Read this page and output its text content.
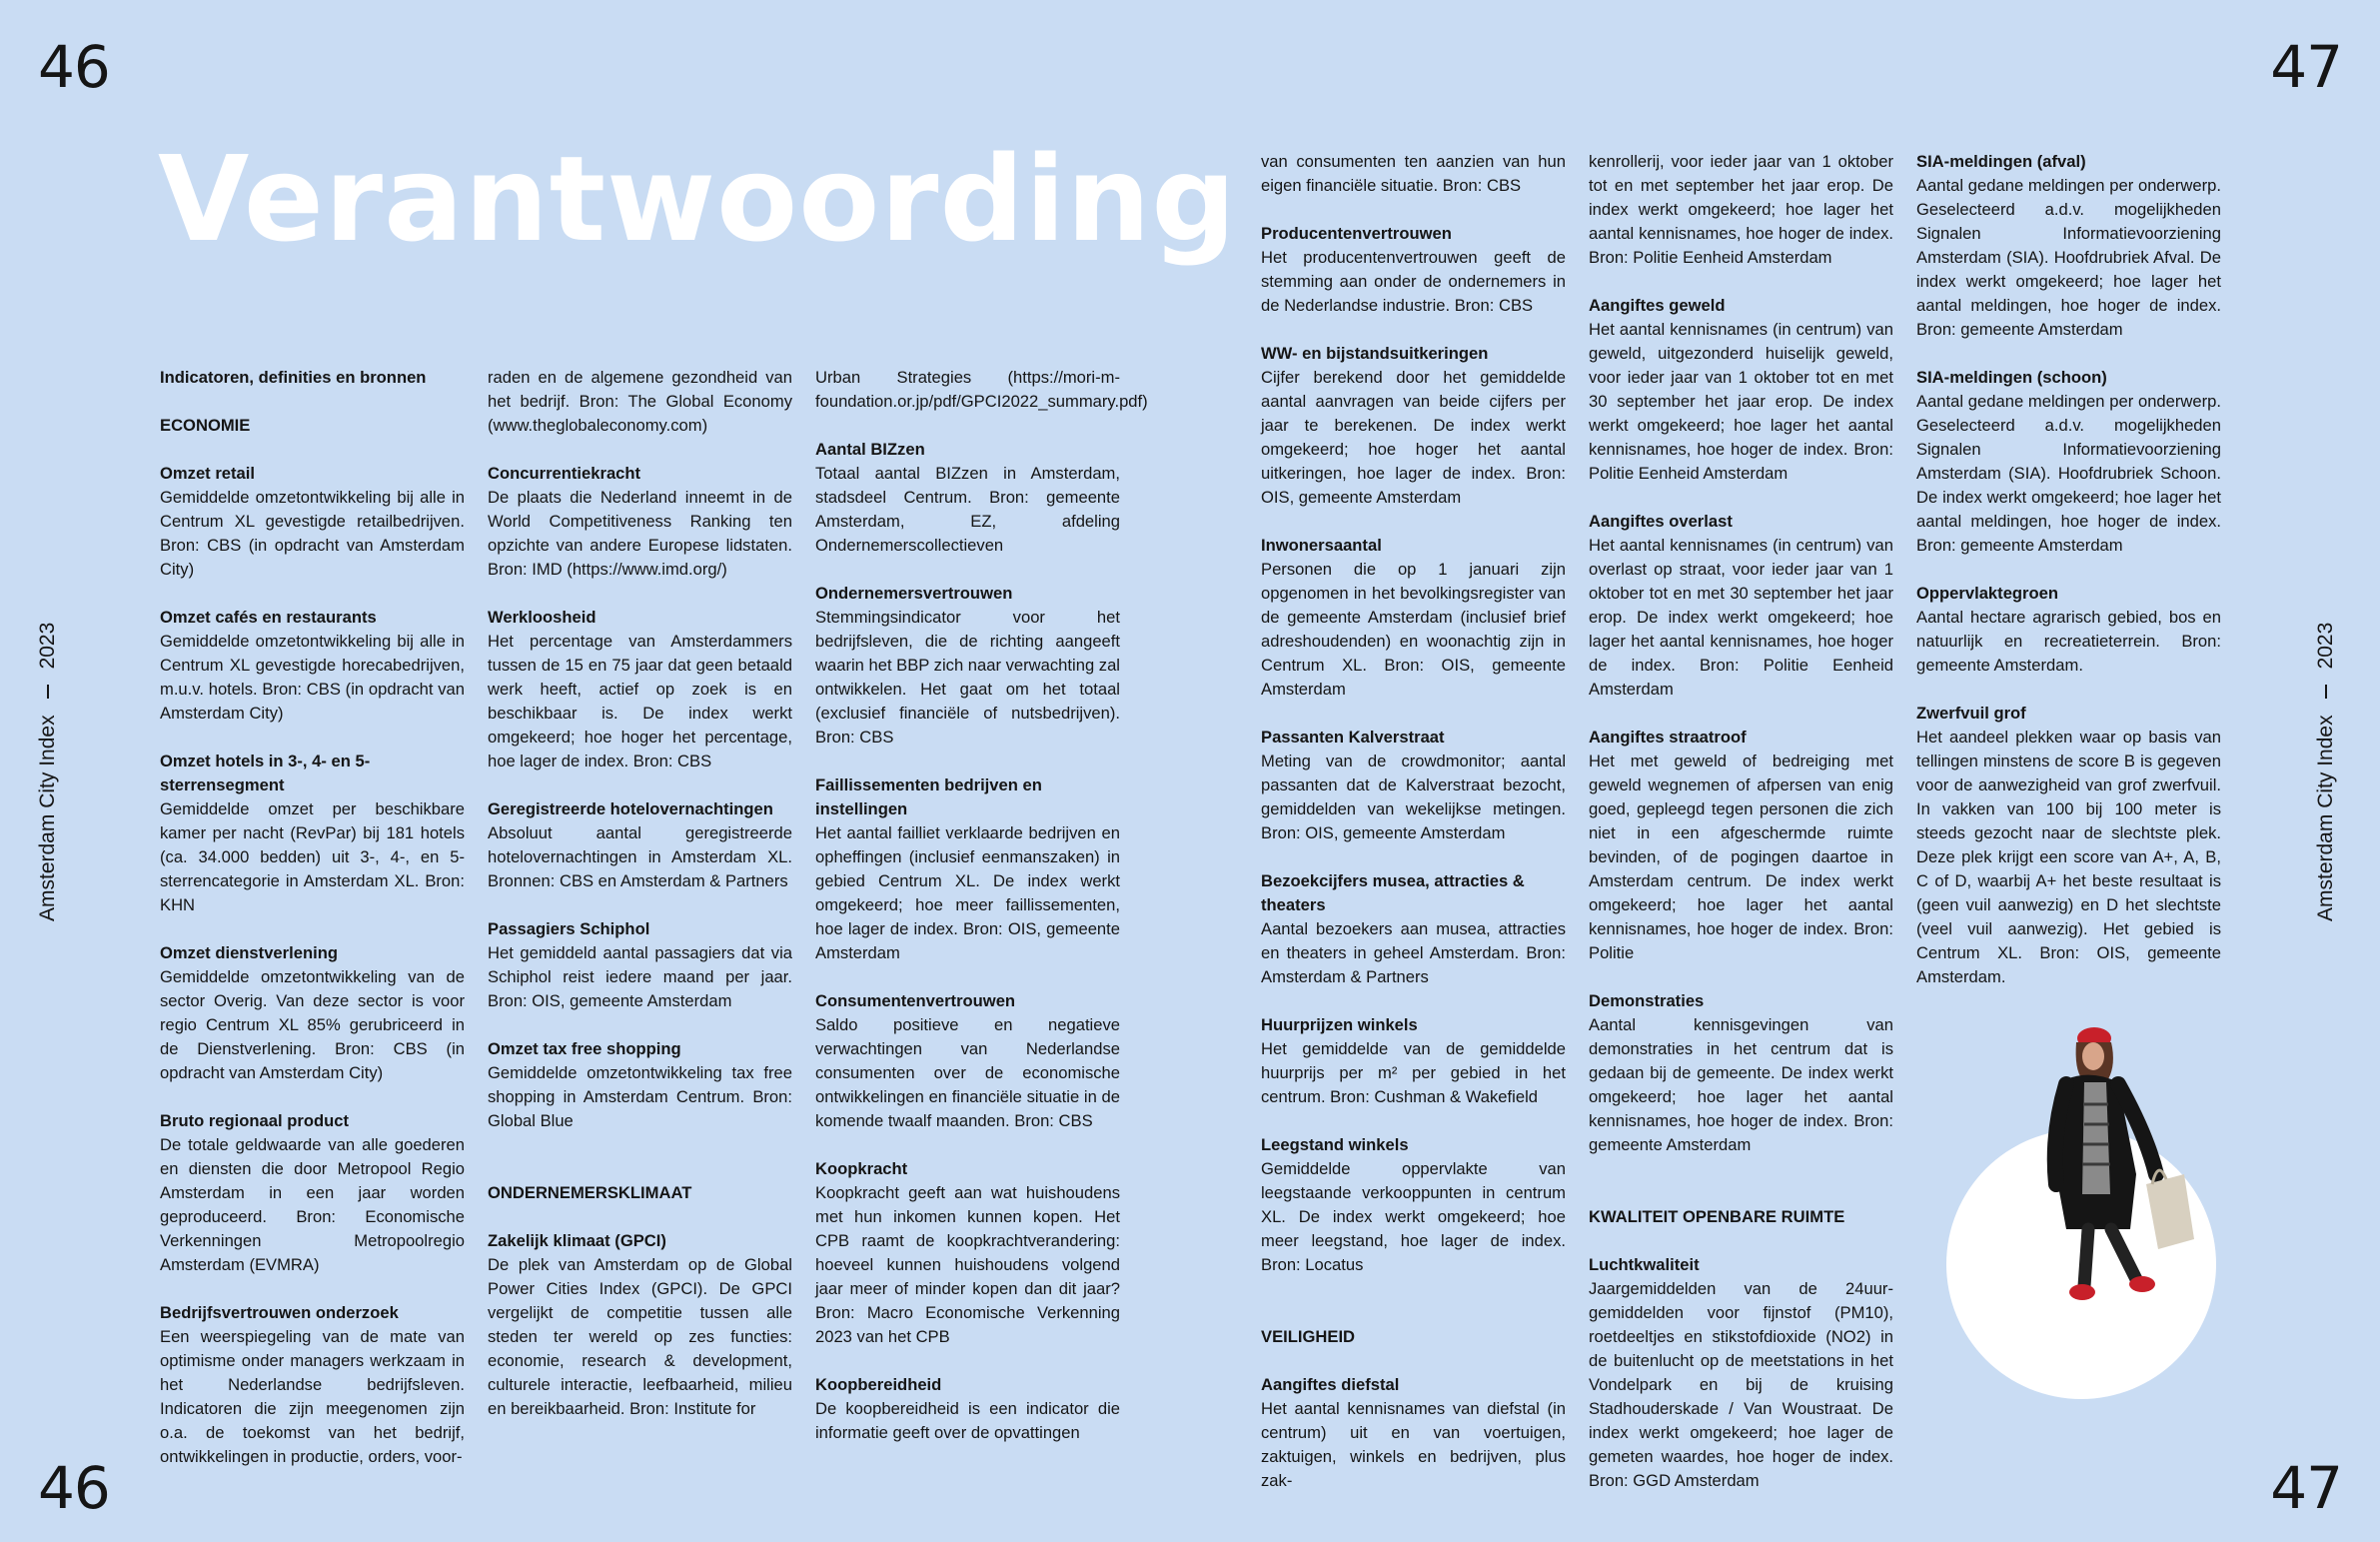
46
46
47
47
Verantwoording
Amsterdam City Index
2023
Amsterdam City Index
2023
Indicatoren, definities en bronnen
ECONOMIE
Omzet retail
Gemiddelde omzetontwikkeling bij alle in Centrum XL gevestigde retailbedrijven. Bron: CBS (in opdracht van Amsterdam City)
Omzet cafés en restaurants
Gemiddelde omzetontwikkeling bij alle in Centrum XL gevestigde horecabedrijven, m.u.v. hotels. Bron: CBS (in opdracht van Amsterdam City)
Omzet hotels in 3-, 4- en 5-sterrensegment
Gemiddelde omzet per beschikbare kamer per nacht (RevPar) bij 181 hotels (ca. 34.000 bedden) uit 3-, 4-, en 5-sterrencategorie in Amsterdam XL. Bron: KHN
Omzet dienstverlening
Gemiddelde omzetontwikkeling van de sector Overig. Van deze sector is voor regio Centrum XL 85% gerubriceerd in de Dienstverlening. Bron: CBS (in opdracht van Amsterdam City)
Bruto regionaal product
De totale geldwaarde van alle goederen en diensten die door Metropool Regio Amsterdam in een jaar worden geproduceerd. Bron: Economische Verkenningen Metropoolregio Amsterdam (EVMRA)
Bedrijfsvertrouwen onderzoek
Een weerspiegeling van de mate van optimisme onder managers werkzaam in het Nederlandse bedrijfsleven. Indicatoren die zijn meegenomen zijn o.a. de toekomst van het bedrijf, ontwikkelingen in productie, orders, voor-
raden en de algemene gezondheid van het bedrijf. Bron: The Global Economy (www.theglobaleconomy.com)
Concurrentiekracht
De plaats die Nederland inneemt in de World Competitiveness Ranking ten opzichte van andere Europese lidstaten. Bron: IMD (https://www.imd.org/)
Werkloosheid
Het percentage van Amsterdammers tussen de 15 en 75 jaar dat geen betaald werk heeft, actief op zoek is en beschikbaar is. De index werkt omgekeerd; hoe hoger het percentage, hoe lager de index. Bron: CBS
Geregistreerde hotelovernachtingen
Absoluut aantal geregistreerde hotelovernachtingen in Amsterdam XL. Bronnen: CBS en Amsterdam & Partners
Passagiers Schiphol
Het gemiddeld aantal passagiers dat via Schiphol reist iedere maand per jaar. Bron: OIS, gemeente Amsterdam
Omzet tax free shopping
Gemiddelde omzetontwikkeling tax free shopping in Amsterdam Centrum. Bron: Global Blue
ONDERNEMERSKLIMAAT
Zakelijk klimaat (GPCI)
De plek van Amsterdam op de Global Power Cities Index (GPCI). De GPCI vergelijkt de competitie tussen alle steden ter wereld op zes functies: economie, research & development, culturele interactie, leefbaarheid, milieu en bereikbaarheid. Bron: Institute for
Urban Strategies (https://mori-m-foundation.or.jp/pdf/GPCI2022_summary.pdf)
Aantal BIZzen
Totaal aantal BIZzen in Amsterdam, stadsdeel Centrum. Bron: gemeente Amsterdam, EZ, afdeling Ondernemerscollectieven
Ondernemersvertrouwen
Stemmingsindicator voor het bedrijfsleven, die de richting aangeeft waarin het BBP zich naar verwachting zal ontwikkelen. Het gaat om het totaal (exclusief financiële of nutsbedrijven). Bron: CBS
Faillissementen bedrijven en instellingen
Het aantal failliet verklaarde bedrijven en opheffingen (inclusief eenmanszaken) in gebied Centrum XL. De index werkt omgekeerd; hoe meer faillissementen, hoe lager de index. Bron: OIS, gemeente Amsterdam
Consumentenvertrouwen
Saldo positieve en negatieve verwachtingen van Nederlandse consumenten over de economische ontwikkelingen en financiële situatie in de komende twaalf maanden. Bron: CBS
Koopkracht
Koopkracht geeft aan wat huishoudens met hun inkomen kunnen kopen. Het CPB raamt de koopkrachtverandering: hoeveel kunnen huishoudens volgend jaar meer of minder kopen dan dit jaar? Bron: Macro Economische Verkenning 2023 van het CPB
Koopbereidheid
De koopbereidheid is een indicator die informatie geeft over de opvattingen
van consumenten ten aanzien van hun eigen financiële situatie. Bron: CBS
Producentenvertrouwen
Het producentenvertrouwen geeft de stemming aan onder de ondernemers in de Nederlandse industrie. Bron: CBS
WW- en bijstandsuitkeringen
Cijfer berekend door het gemiddelde aantal aanvragen van beide cijfers per jaar te berekenen. De index werkt omgekeerd; hoe hoger het aantal uitkeringen, hoe lager de index. Bron: OIS, gemeente Amsterdam
Inwonersaantal
Personen die op 1 januari zijn opgenomen in het bevolkingsregister van de gemeente Amsterdam (inclusief brief adreshoudenden) en woonachtig zijn in Centrum XL. Bron: OIS, gemeente Amsterdam
Passanten Kalverstraat
Meting van de crowdmonitor; aantal passanten dat de Kalverstraat bezocht, gemiddelden van wekelijkse metingen. Bron: OIS, gemeente Amsterdam
Bezoekcijfers musea, attracties & theaters
Aantal bezoekers aan musea, attracties en theaters in geheel Amsterdam. Bron: Amsterdam & Partners
Huurprijzen winkels
Het gemiddelde van de gemiddelde huurprijs per m² per gebied in het centrum. Bron: Cushman & Wakefield
Leegstand winkels
Gemiddelde oppervlakte van leegstaande verkooppunten in centrum XL. De index werkt omgekeerd; hoe meer leegstand, hoe lager de index. Bron: Locatus
VEILIGHEID
Aangiftes diefstal
Het aantal kennisnames van diefstal (in centrum) uit en van voertuigen, zaktuigen, winkels en bedrijven, plus zak-
kenrollerij, voor ieder jaar van 1 oktober tot en met september het jaar erop. De index werkt omgekeerd; hoe lager het aantal kennisnames, hoe hoger de index. Bron: Politie Eenheid Amsterdam
Aangiftes geweld
Het aantal kennisnames (in centrum) van geweld, uitgezonderd huiselijk geweld, voor ieder jaar van 1 oktober tot en met 30 september het jaar erop. De index werkt omgekeerd; hoe lager het aantal kennisnames, hoe hoger de index. Bron: Politie Eenheid Amsterdam
Aangiftes overlast
Het aantal kennisnames (in centrum) van overlast op straat, voor ieder jaar van 1 oktober tot en met 30 september het jaar erop. De index werkt omgekeerd; hoe lager het aantal kennisnames, hoe hoger de index. Bron: Politie Eenheid Amsterdam
Aangiftes straatroof
Het met geweld of bedreiging met geweld wegnemen of afpersen van enig goed, gepleegd tegen personen die zich niet in een afgeschermde ruimte bevinden, of de pogingen daartoe in Amsterdam centrum. De index werkt omgekeerd; hoe lager het aantal kennisnames, hoe hoger de index. Bron: Politie
Demonstraties
Aantal kennisgevingen van demonstraties in het centrum dat is gedaan bij de gemeente. De index werkt omgekeerd; hoe lager het aantal kennisnames, hoe hoger de index. Bron: gemeente Amsterdam
KWALITEIT OPENBARE RUIMTE
Luchtkwaliteit
Jaargemiddelden van de 24uur-gemiddelden voor fijnstof (PM10), roetdeeltjes en stikstofdioxide (NO2) in de buitenlucht op de meetstations in het Vondelpark en bij de kruising Stadhouderskade / Van Woustraat. De index werkt omgekeerd; hoe lager de gemeten waardes, hoe hoger de index. Bron: GGD Amsterdam
SIA-meldingen (afval)
Aantal gedane meldingen per onderwerp. Geselecteerd a.d.v. mogelijkheden Signalen Informatievoorziening Amsterdam (SIA). Hoofdrubriek Afval. De index werkt omgekeerd; hoe lager het aantal meldingen, hoe hoger de index. Bron: gemeente Amsterdam
SIA-meldingen (schoon)
Aantal gedane meldingen per onderwerp. Geselecteerd a.d.v. mogelijkheden Signalen Informatievoorziening Amsterdam (SIA). Hoofdrubriek Schoon. De index werkt omgekeerd; hoe lager het aantal meldingen, hoe hoger de index. Bron: gemeente Amsterdam
Oppervlaktegroen
Aantal hectare agrarisch gebied, bos en natuurlijk en recreatieterrein. Bron: gemeente Amsterdam.
Zwerfvuil grof
Het aandeel plekken waar op basis van tellingen minstens de score B is gegeven voor de aanwezigheid van grof zwerfvuil. In vakken van 100 bij 100 meter is steeds gezocht naar de slechtste plek. Deze plek krijgt een score van A+, A, B, C of D, waarbij A+ het beste resultaat is (geen vuil aanwezig) en D het slechtste (veel vuil aanwezig). Het gebied is Centrum XL. Bron: OIS, gemeente Amsterdam.
